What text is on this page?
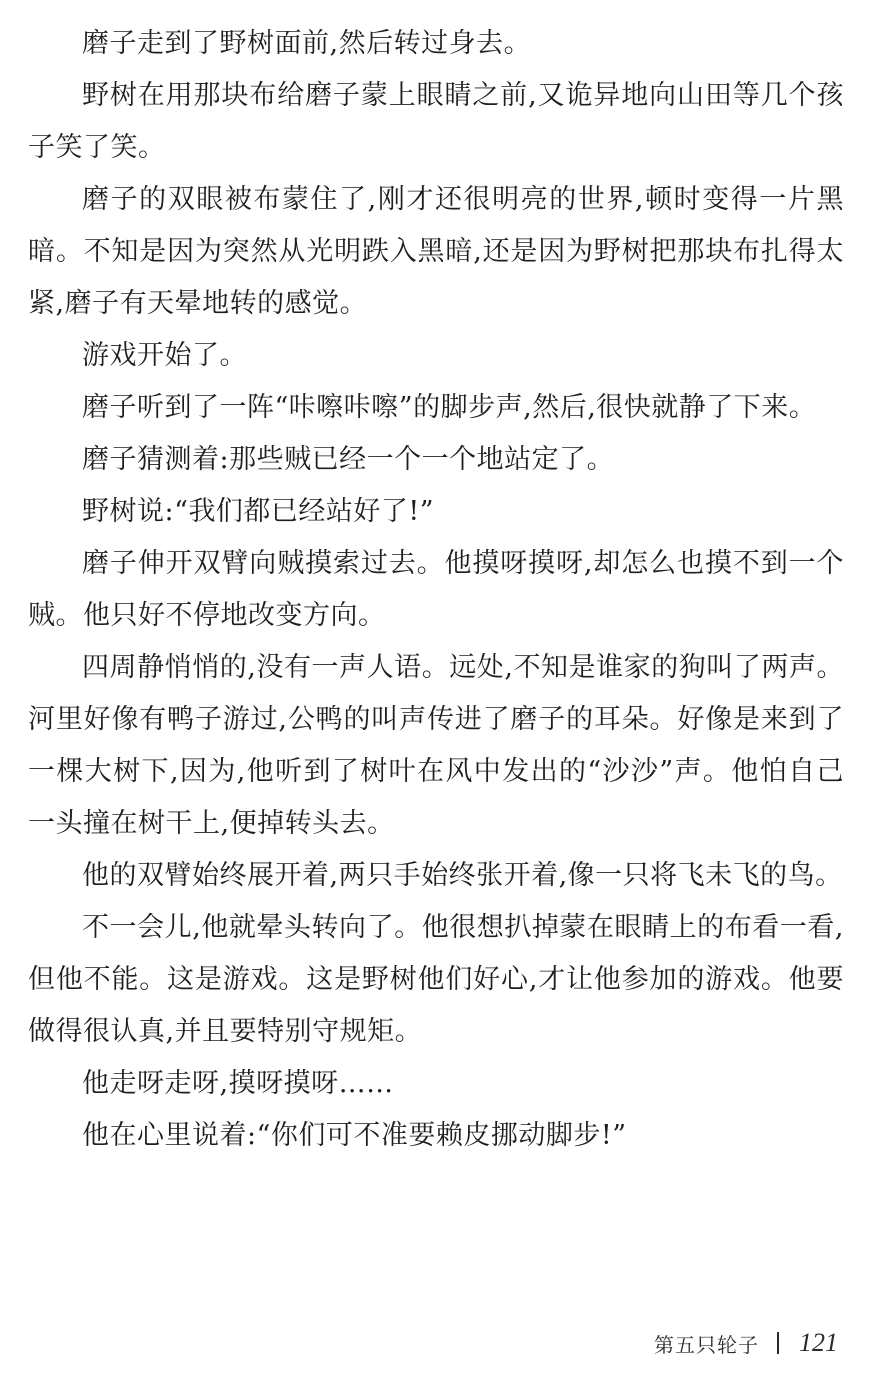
磨子走到了野树面前,然后转过身去。

野树在用那块布给磨子蒙上眼睛之前,又诡异地向山田等几个孩子笑了笑。

磨子的双眼被布蒙住了,刚才还很明亮的世界,顿时变得一片黑暗。不知是因为突然从光明跌入黑暗,还是因为野树把那块布扎得太紧,磨子有天晕地转的感觉。

游戏开始了。

磨子听到了一阵“咔嚓咔嚓”的脚步声,然后,很快就静了下来。

磨子猜测着:那些贼已经一个一个地站定了。

野树说:“我们都已经站好了!”

磨子伸开双臂向贼摸索过去。他摸呀摸呀,却怎么也摸不到一个贼。他只好不停地改变方向。

四周静悄悄的,没有一声人语。远处,不知是谁家的狗叫了两声。河里好像有鸭子游过,公鸭的叫声传进了磨子的耳朵。好像是来到了一棵大树下,因为,他听到了树叶在风中发出的“沙沙”声。他怕自己一头撞在树干上,便掉转头去。

他的双臂始终展开着,两只手始终张开着,像一只将飞未飞的鸟。

不一会儿,他就晕头转向了。他很想扒掉蒙在眼睛上的布看一看,但他不能。这是游戏。这是野树他们好心,才让他参加的游戏。他要做得很认真,并且要特别守规矩。

他走呀走呀,摸呀摸呀……

他在心里说着:“你们可不准要赖皮挪动脚步!”

第五只轮子 121
